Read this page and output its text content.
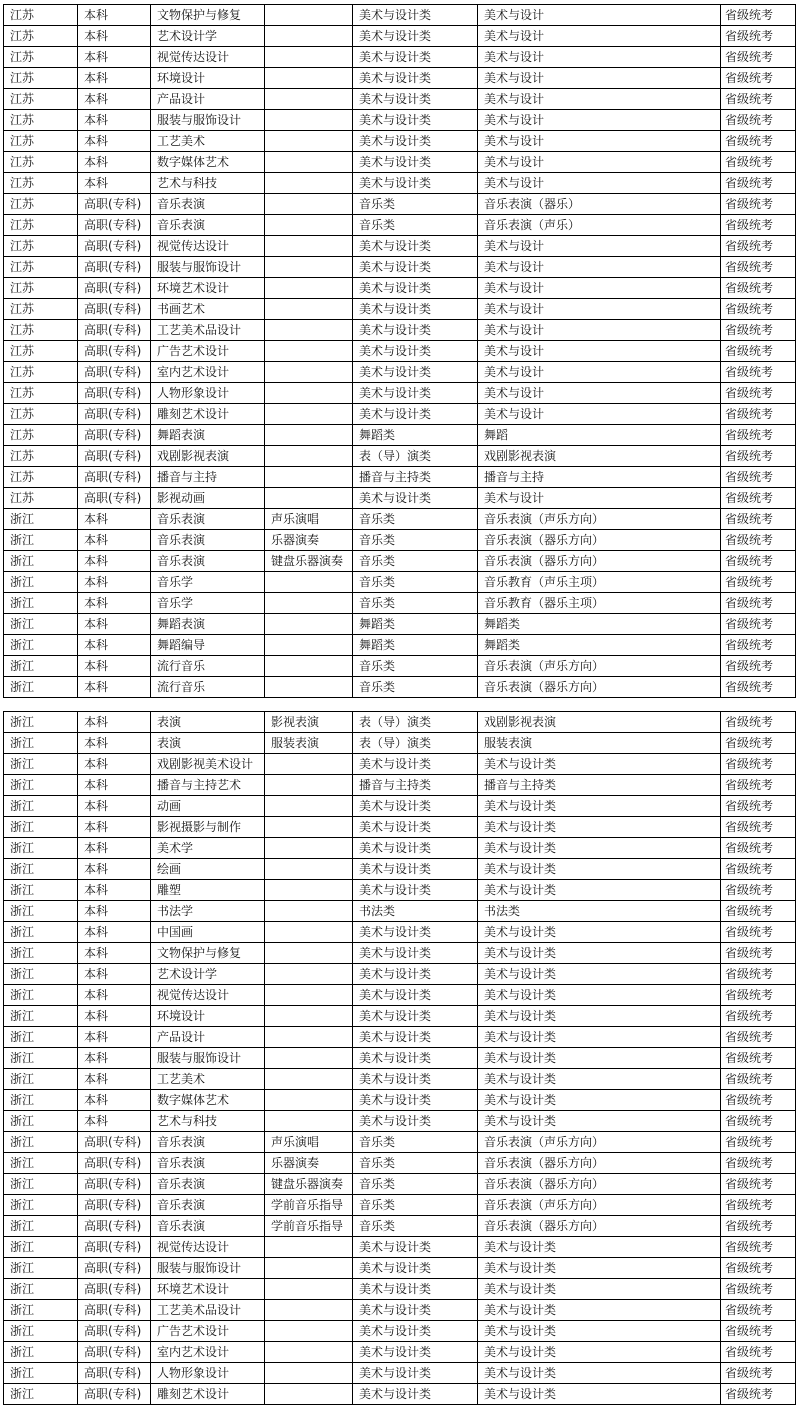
江苏	本科	文物保护与修复		美术与设计类	美术与设计	省级统考
江苏	本科	艺术设计学		美术与设计类	美术与设计	省级统考
江苏	本科	视觉传达设计		美术与设计类	美术与设计	省级统考
江苏	本科	环境设计		美术与设计类	美术与设计	省级统考
江苏	本科	产品设计		美术与设计类	美术与设计	省级统考
江苏	本科	服装与服饰设计		美术与设计类	美术与设计	省级统考
江苏	本科	工艺美术		美术与设计类	美术与设计	省级统考
江苏	本科	数字媒体艺术		美术与设计类	美术与设计	省级统考
江苏	本科	艺术与科技		美术与设计类	美术与设计	省级统考
江苏	高职(专科)	音乐表演		音乐类	音乐表演（器乐）	省级统考
江苏	高职(专科)	音乐表演		音乐类	音乐表演（声乐）	省级统考
江苏	高职(专科)	视觉传达设计		美术与设计类	美术与设计	省级统考
江苏	高职(专科)	服装与服饰设计		美术与设计类	美术与设计	省级统考
江苏	高职(专科)	环境艺术设计		美术与设计类	美术与设计	省级统考
江苏	高职(专科)	书画艺术		美术与设计类	美术与设计	省级统考
江苏	高职(专科)	工艺美术品设计		美术与设计类	美术与设计	省级统考
江苏	高职(专科)	广告艺术设计		美术与设计类	美术与设计	省级统考
江苏	高职(专科)	室内艺术设计		美术与设计类	美术与设计	省级统考
江苏	高职(专科)	人物形象设计		美术与设计类	美术与设计	省级统考
江苏	高职(专科)	雕刻艺术设计		美术与设计类	美术与设计	省级统考
江苏	高职(专科)	舞蹈表演		舞蹈类	舞蹈	省级统考
江苏	高职(专科)	戏剧影视表演		表（导）演类	戏剧影视表演	省级统考
江苏	高职(专科)	播音与主持		播音与主持类	播音与主持	省级统考
江苏	高职(专科)	影视动画		美术与设计类	美术与设计	省级统考
浙江	本科	音乐表演	声乐演唱	音乐类	音乐表演（声乐方向）	省级统考
浙江	本科	音乐表演	乐器演奏	音乐类	音乐表演（器乐方向）	省级统考
浙江	本科	音乐表演	键盘乐器演奏	音乐类	音乐表演（器乐方向）	省级统考
浙江	本科	音乐学		音乐类	音乐教育（声乐主项）	省级统考
浙江	本科	音乐学		音乐类	音乐教育（器乐主项）	省级统考
浙江	本科	舞蹈表演		舞蹈类	舞蹈类	省级统考
浙江	本科	舞蹈编导		舞蹈类	舞蹈类	省级统考
浙江	本科	流行音乐		音乐类	音乐表演（声乐方向）	省级统考
浙江	本科	流行音乐		音乐类	音乐表演（器乐方向）	省级统考
浙江	本科	表演	影视表演	表（导）演类	戏剧影视表演	省级统考
浙江	本科	表演	服装表演	表（导）演类	服装表演	省级统考
浙江	本科	戏剧影视美术设计		美术与设计类	美术与设计类	省级统考
浙江	本科	播音与主持艺术		播音与主持类	播音与主持类	省级统考
浙江	本科	动画		美术与设计类	美术与设计类	省级统考
浙江	本科	影视摄影与制作		美术与设计类	美术与设计类	省级统考
浙江	本科	美术学		美术与设计类	美术与设计类	省级统考
浙江	本科	绘画		美术与设计类	美术与设计类	省级统考
浙江	本科	雕塑		美术与设计类	美术与设计类	省级统考
浙江	本科	书法学		书法类	书法类	省级统考
浙江	本科	中国画		美术与设计类	美术与设计类	省级统考
浙江	本科	文物保护与修复		美术与设计类	美术与设计类	省级统考
浙江	本科	艺术设计学		美术与设计类	美术与设计类	省级统考
浙江	本科	视觉传达设计		美术与设计类	美术与设计类	省级统考
浙江	本科	环境设计		美术与设计类	美术与设计类	省级统考
浙江	本科	产品设计		美术与设计类	美术与设计类	省级统考
浙江	本科	服装与服饰设计		美术与设计类	美术与设计类	省级统考
浙江	本科	工艺美术		美术与设计类	美术与设计类	省级统考
浙江	本科	数字媒体艺术		美术与设计类	美术与设计类	省级统考
浙江	本科	艺术与科技		美术与设计类	美术与设计类	省级统考
浙江	高职(专科)	音乐表演	声乐演唱	音乐类	音乐表演（声乐方向）	省级统考
浙江	高职(专科)	音乐表演	乐器演奏	音乐类	音乐表演（器乐方向）	省级统考
浙江	高职(专科)	音乐表演	键盘乐器演奏	音乐类	音乐表演（器乐方向）	省级统考
浙江	高职(专科)	音乐表演	学前音乐指导	音乐类	音乐表演（声乐方向）	省级统考
浙江	高职(专科)	音乐表演	学前音乐指导	音乐类	音乐表演（器乐方向）	省级统考
浙江	高职(专科)	视觉传达设计		美术与设计类	美术与设计类	省级统考
浙江	高职(专科)	服装与服饰设计		美术与设计类	美术与设计类	省级统考
浙江	高职(专科)	环境艺术设计		美术与设计类	美术与设计类	省级统考
浙江	高职(专科)	工艺美术品设计		美术与设计类	美术与设计类	省级统考
浙江	高职(专科)	广告艺术设计		美术与设计类	美术与设计类	省级统考
浙江	高职(专科)	室内艺术设计		美术与设计类	美术与设计类	省级统考
浙江	高职(专科)	人物形象设计		美术与设计类	美术与设计类	省级统考
浙江	高职(专科)	雕刻艺术设计		美术与设计类	美术与设计类	省级统考
